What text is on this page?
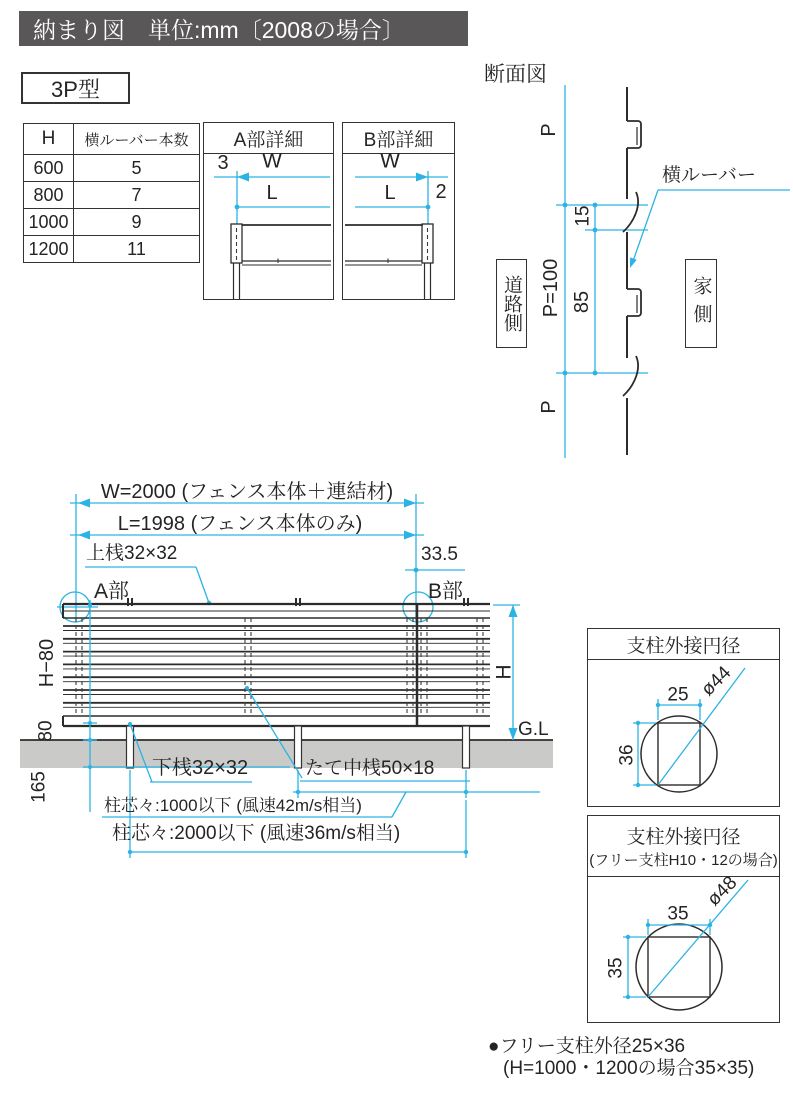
納まり図　単位:mm〔2008の場合〕
3P型
H	横ルーバー本数
600	5
800	7
1000	9
1200	11
A部詳細	B部詳細
3 W
L
W
L 2
断面図
P
P=100
P
15
85
道路側	家側
横ルーバー
W=2000 (フェンス本体＋連結材)
L=1998 (フェンス本体のみ)
上桟32×32	33.5
A部	B部
H−80
80
165
H
G.L
下桟32×32	たて中桟50×18
柱芯々:1000以下 (風速42m/s相当)
柱芯々:2000以下 (風速36m/s相当)
支柱外接円径
25
36
ø44
支柱外接円径
(フリー支柱H10・12の場合)
35
35
ø48
●フリー支柱外径25×36
(H=1000・1200の場合35×35)
